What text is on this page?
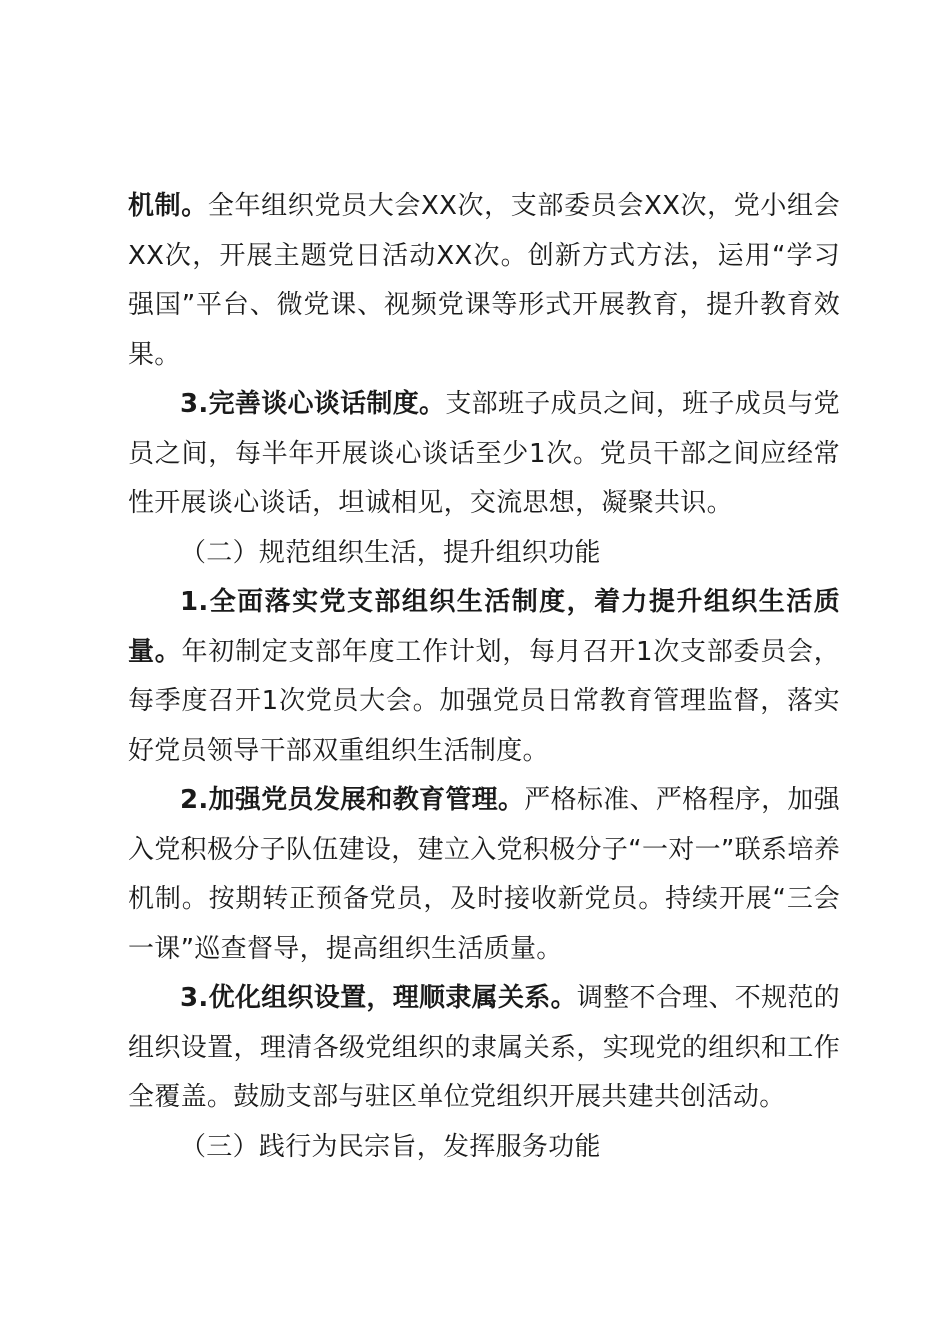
机制。全年组织党员大会XX次，支部委员会XX次，党小组会XX次，开展主题党日活动XX次。创新方式方法，运用“学习强国”平台、微党课、视频党课等形式开展教育，提升教育效果。

3.完善谈心谈话制度。支部班子成员之间，班子成员与党员之间，每半年开展谈心谈话至少1次。党员干部之间应经常性开展谈心谈话，坦诚相见，交流思想，凝聚共识。

（二）规范组织生活，提升组织功能

1.全面落实党支部组织生活制度，着力提升组织生活质量。年初制定支部年度工作计划，每月召开1次支部委员会，每季度召开1次党员大会。加强党员日常教育管理监督，落实好党员领导干部双重组织生活制度。

2.加强党员发展和教育管理。严格标准、严格程序，加强入党积极分子队伍建设，建立入党积极分子“一对一”联系培养机制。按期转正预备党员，及时接收新党员。持续开展“三会一课”巡查督导，提高组织生活质量。

3.优化组织设置，理顺隶属关系。调整不合理、不规范的组织设置，理清各级党组织的隶属关系，实现党的组织和工作全覆盖。鼓励支部与驻区单位党组织开展共建共创活动。

（三）践行为民宗旨，发挥服务功能
